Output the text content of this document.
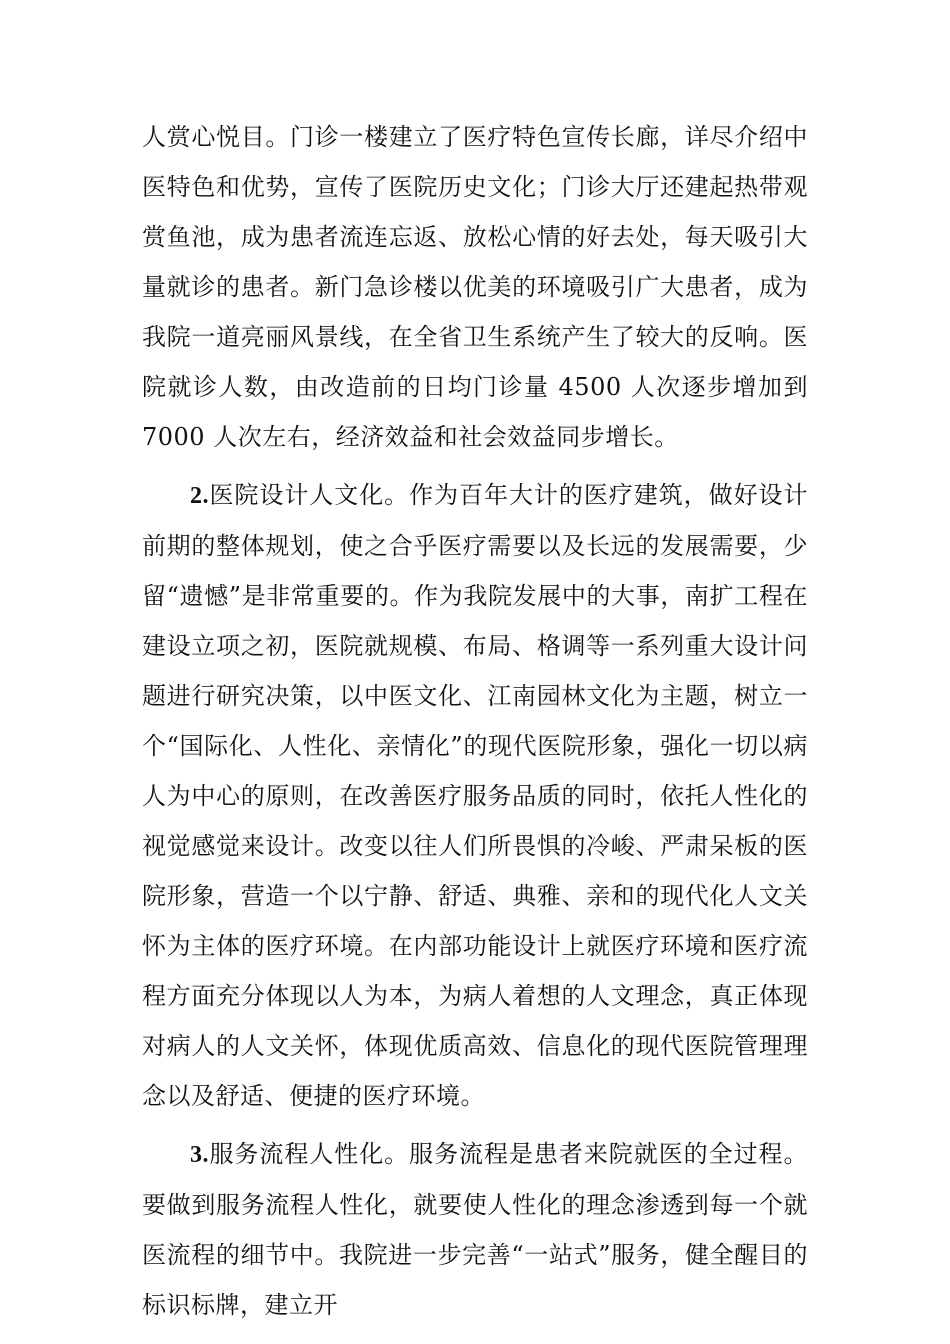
人赏心悦目。门诊一楼建立了医疗特色宣传长廊，详尽介绍中医特色和优势，宣传了医院历史文化；门诊大厅还建起热带观赏鱼池，成为患者流连忘返、放松心情的好去处，每天吸引大量就诊的患者。新门急诊楼以优美的环境吸引广大患者，成为我院一道亮丽风景线，在全省卫生系统产生了较大的反响。医院就诊人数，由改造前的日均门诊量 4500 人次逐步增加到 7000 人次左右，经济效益和社会效益同步增长。

2.医院设计人文化。作为百年大计的医疗建筑，做好设计前期的整体规划，使之合乎医疗需要以及长远的发展需要，少留“遗憾”是非常重要的。作为我院发展中的大事，南扩工程在建设立项之初，医院就规模、布局、格调等一系列重大设计问题进行研究决策，以中医文化、江南园林文化为主题，树立一个“国际化、人性化、亲情化”的现代医院形象，强化一切以病人为中心的原则，在改善医疗服务品质的同时，依托人性化的视觉感觉来设计。改变以往人们所畏惧的冷峻、严肃呆板的医院形象，营造一个以宁静、舒适、典雅、亲和的现代化人文关怀为主体的医疗环境。在内部功能设计上就医疗环境和医疗流程方面充分体现以人为本，为病人着想的人文理念，真正体现对病人的人文关怀，体现优质高效、信息化的现代医院管理理念以及舒适、便捷的医疗环境。

3.服务流程人性化。服务流程是患者来院就医的全过程。要做到服务流程人性化，就要使人性化的理念渗透到每一个就医流程的细节中。我院进一步完善“一站式”服务，健全醒目的标识标牌，建立开
